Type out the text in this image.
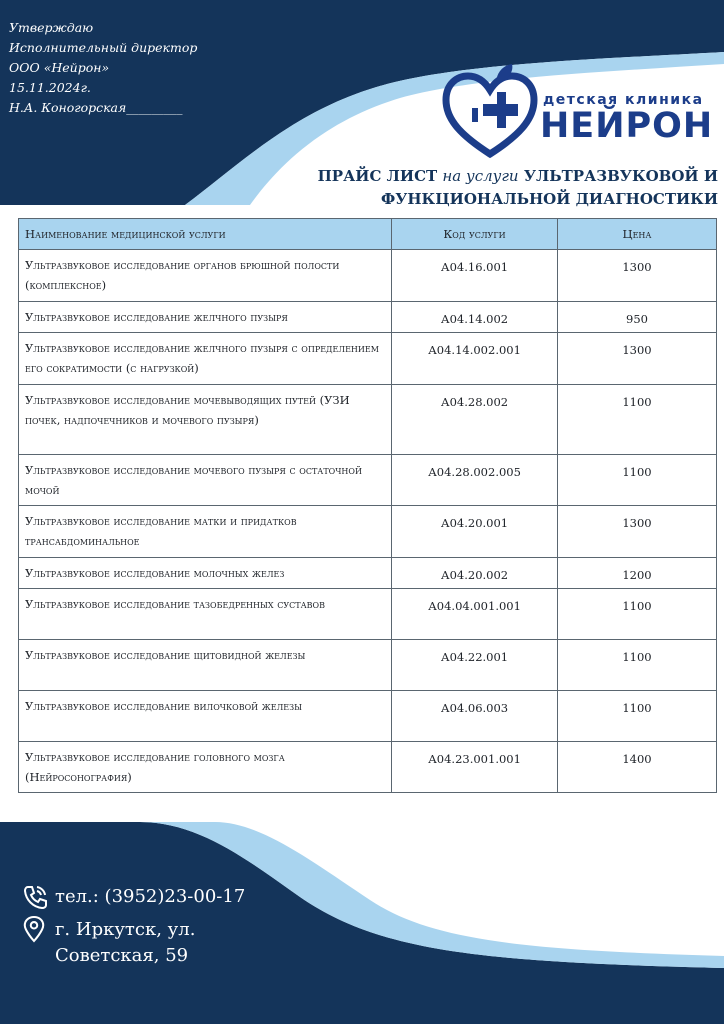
Утверждаю
Исполнительный директор
ООО «Нейрон»
15.11.2024г.
Н.А. Коногорская_________	детская клиника
НЕЙРОН
ПРАЙС ЛИСТ на услуги УЛЬТРАЗВУКОВОЙ И
ФУНКЦИОНАЛЬНОЙ ДИАГНОСТИКИ
Наименование медицинской услуги	Код услуги	Цена
Ультразвуковое исследование органов брюшной полости (комплексное)	А04.16.001	1300
Ультразвуковое исследование желчного пузыря	А04.14.002	950
Ультразвуковое исследование желчного пузыря с определением его сократимости (с нагрузкой)	А04.14.002.001	1300
Ультразвуковое исследование мочевыводящих путей (УЗИ почек, надпочечников и мочевого пузыря)	А04.28.002	1100
Ультразвуковое исследование мочевого пузыря с остаточной мочой	А04.28.002.005	1100
Ультразвуковое исследование матки и придатков трансабдоминальное	А04.20.001	1300
Ультразвуковое исследование молочных желез	А04.20.002	1200
Ультразвуковое исследование тазобедренных суставов	А04.04.001.001	1100
Ультразвуковое исследование щитовидной железы	А04.22.001	1100
Ультразвуковое исследование вилочковой железы	А04.06.003	1100
Ультразвуковое исследование головного мозга (Нейросонография)	А04.23.001.001	1400
тел.: (3952)23-00-17
г. Иркутск, ул.
Советская, 59
